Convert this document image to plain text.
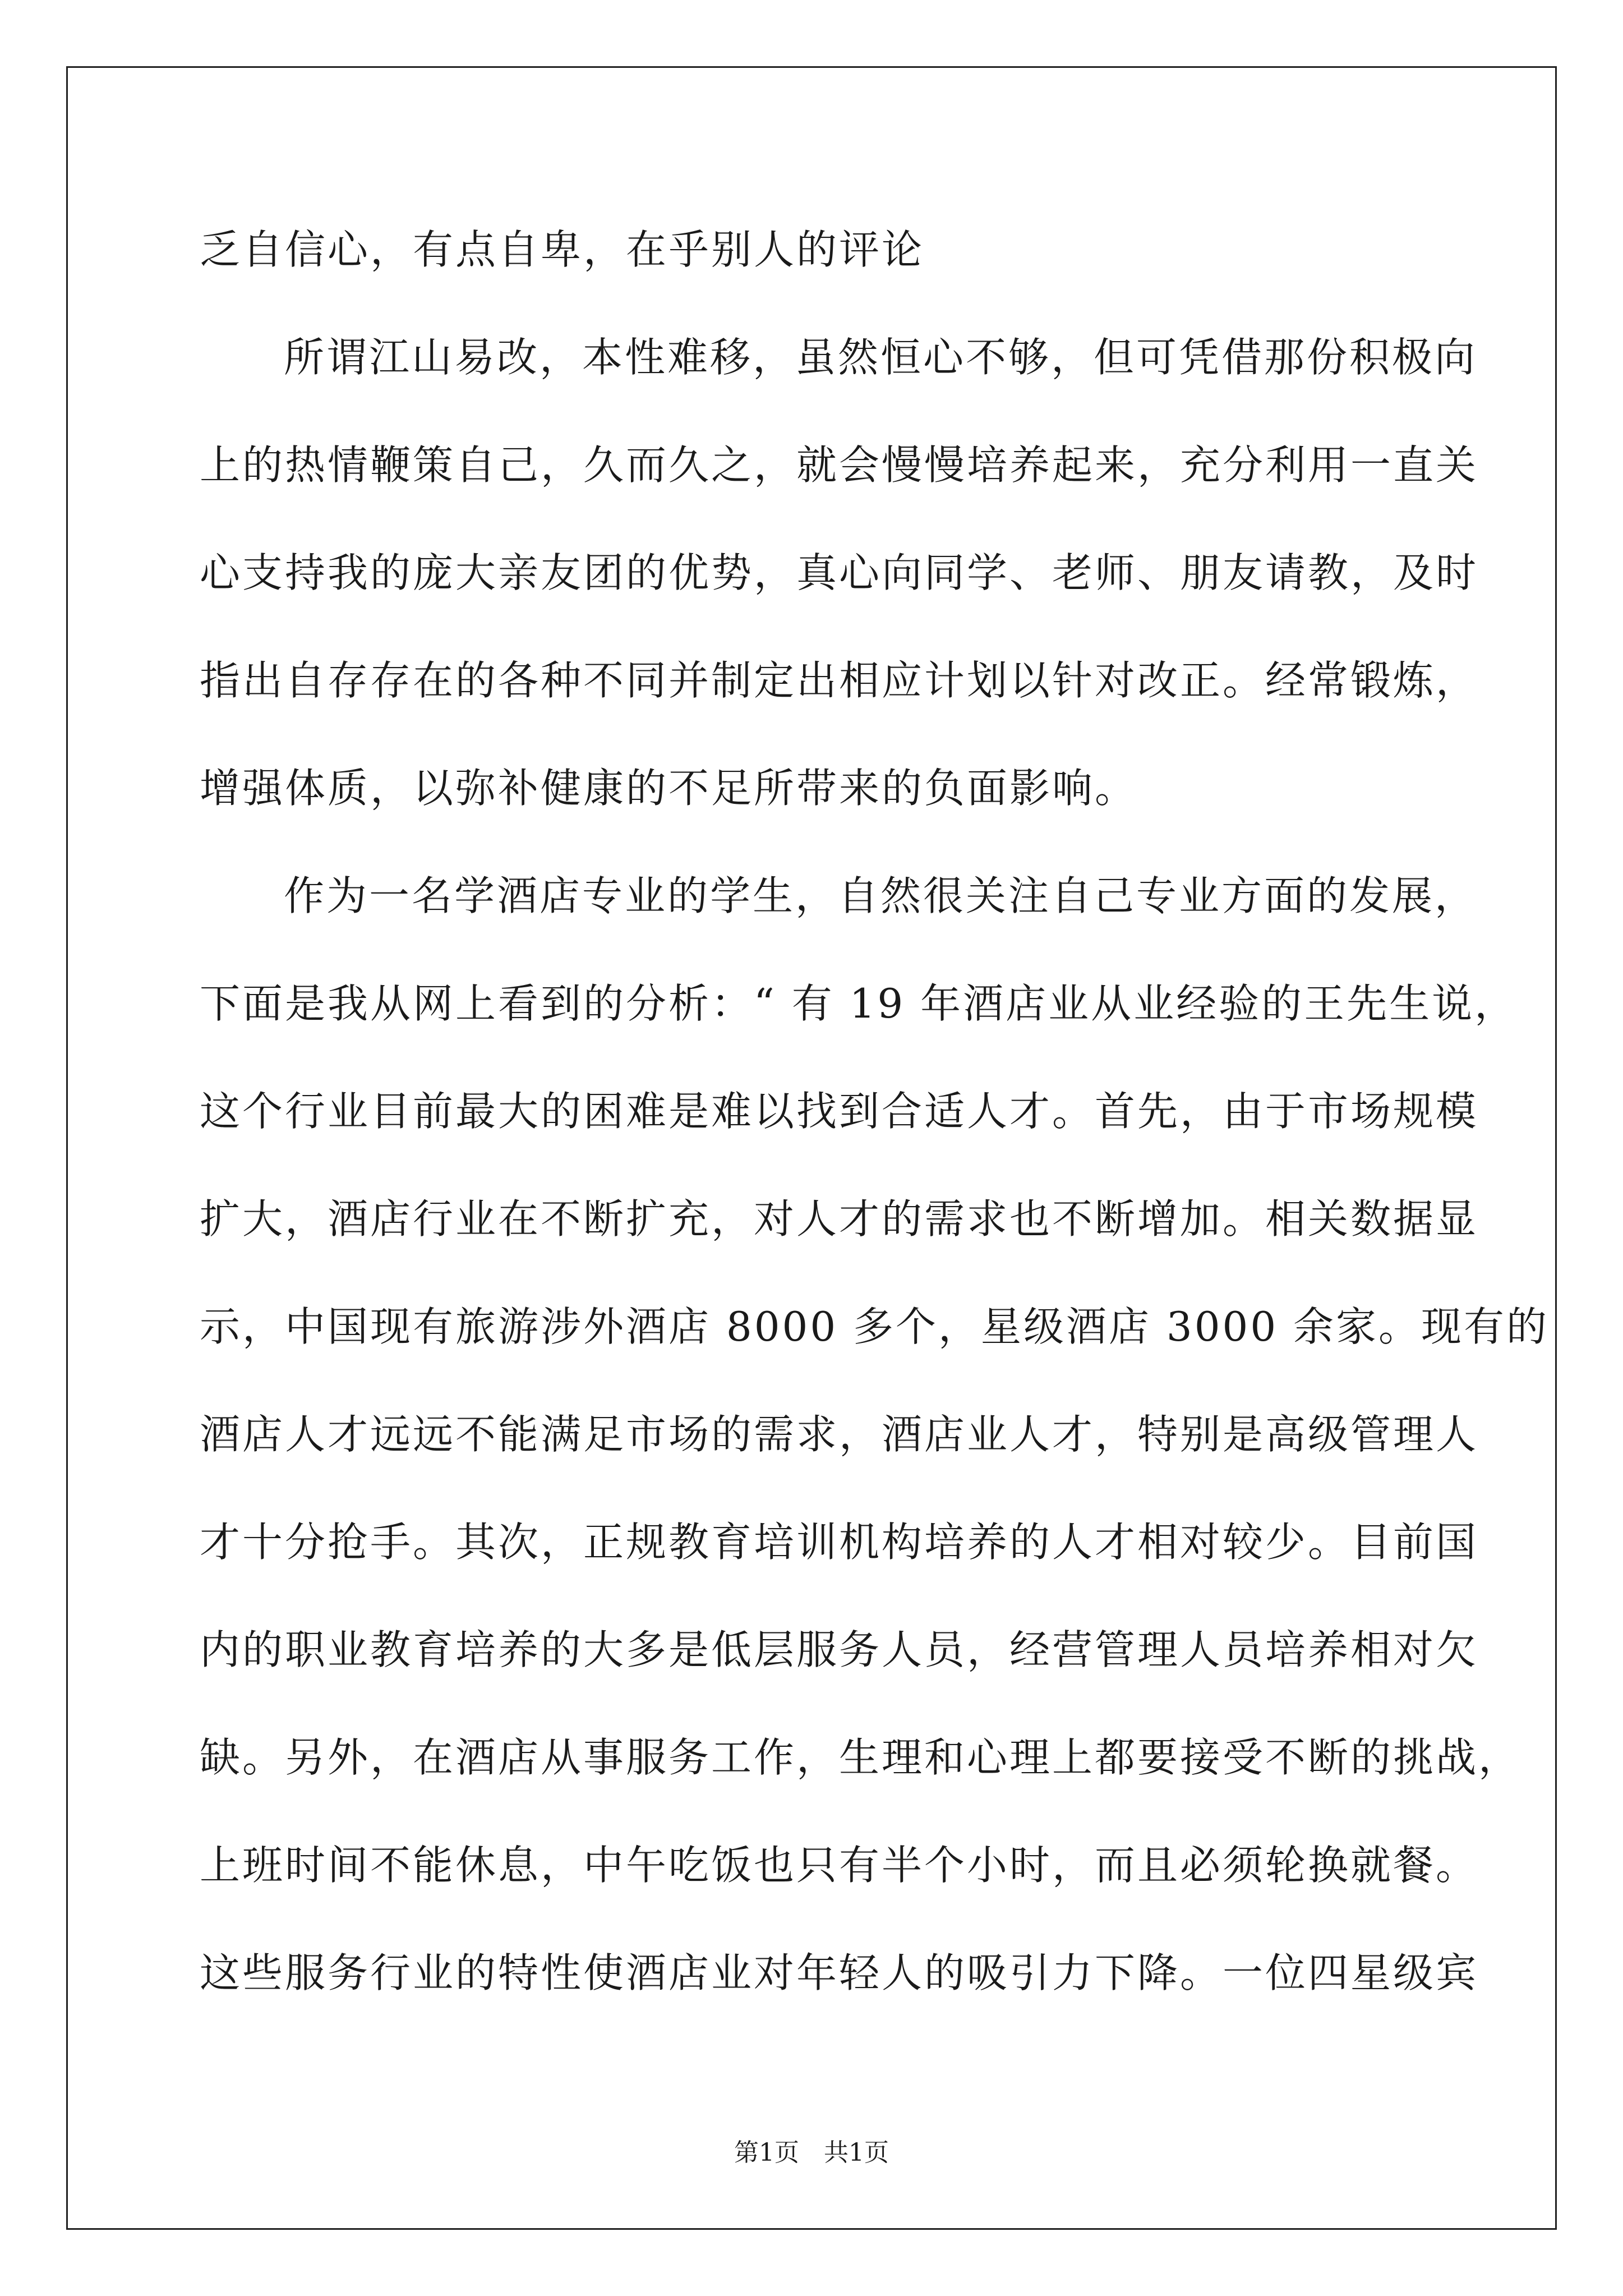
乏自信心，有点自卑，在乎别人的评论
所谓江山易改，本性难移，虽然恒心不够，但可凭借那份积极向
上的热情鞭策自己，久而久之，就会慢慢培养起来，充分利用一直关
心支持我的庞大亲友团的优势，真心向同学、老师、朋友请教，及时
指出自存存在的各种不同并制定出相应计划以针对改正。经常锻炼，
增强体质，以弥补健康的不足所带来的负面影响。
作为一名学酒店专业的学生，自然很关注自己专业方面的发展，
下面是我从网上看到的分析：“ 有 19 年酒店业从业经验的王先生说，
这个行业目前最大的困难是难以找到合适人才。首先，由于市场规模
扩大，酒店行业在不断扩充，对人才的需求也不断增加。相关数据显
示，中国现有旅游涉外酒店 8000 多个，星级酒店 3000 余家。现有的
酒店人才远远不能满足市场的需求，酒店业人才，特别是高级管理人
才十分抢手。其次，正规教育培训机构培养的人才相对较少。目前国
内的职业教育培养的大多是低层服务人员，经营管理人员培养相对欠
缺。另外，在酒店从事服务工作，生理和心理上都要接受不断的挑战，
上班时间不能休息，中午吃饭也只有半个小时，而且必须轮换就餐。
这些服务行业的特性使酒店业对年轻人的吸引力下降。一位四星级宾
第1页　共1页
